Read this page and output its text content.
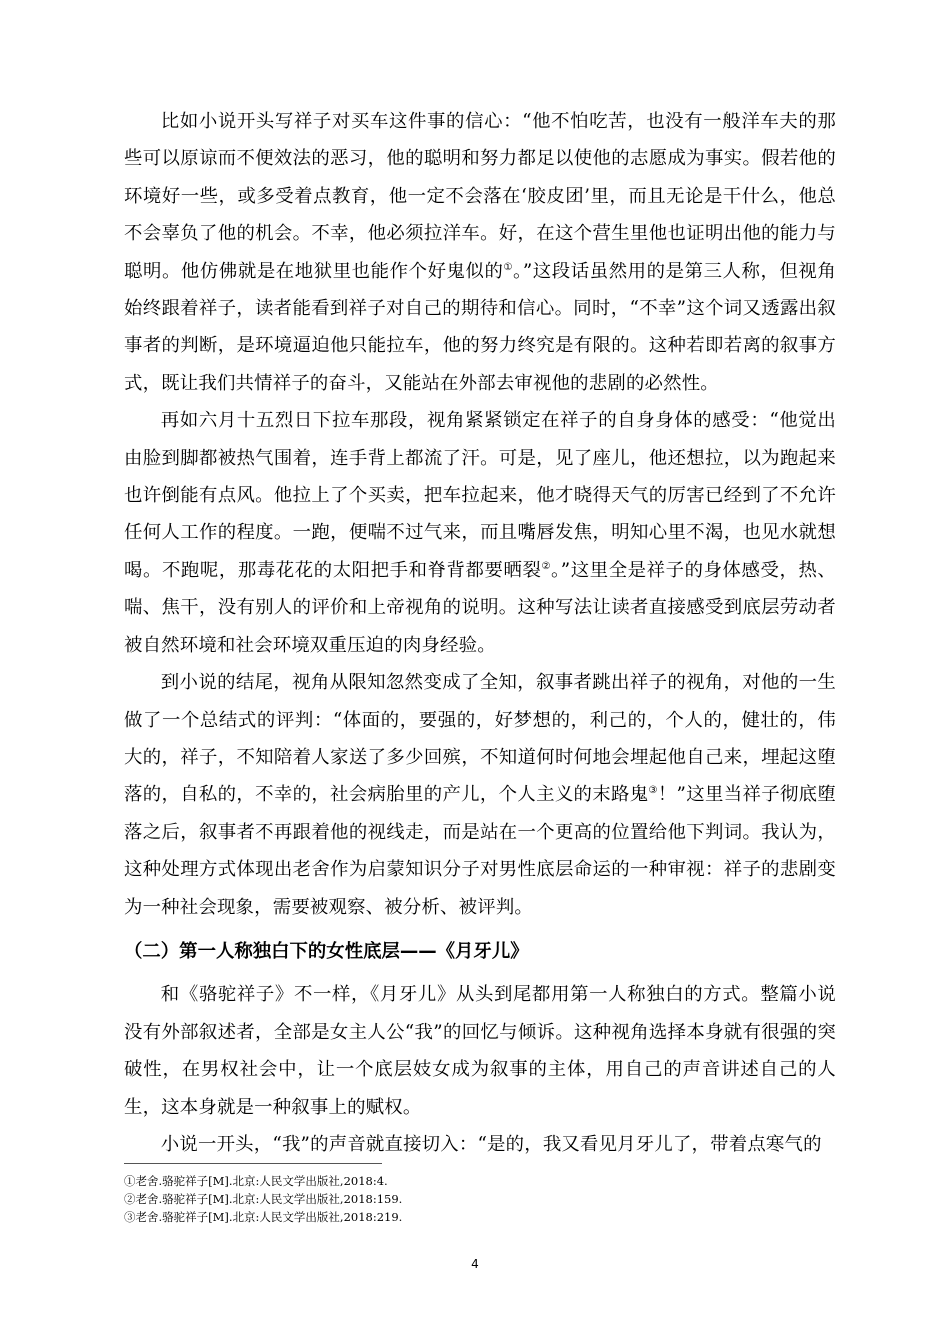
比如小说开头写祥子对买车这件事的信心：“他不怕吃苦，也没有一般洋车夫的那些可以原谅而不便效法的恶习，他的聪明和努力都足以使他的志愿成为事实。假若他的环境好一些，或多受着点教育，他一定不会落在‘胶皮团’里，而且无论是干什么，他总不会辜负了他的机会。不幸，他必须拉洋车。好，在这个营生里他也证明出他的能力与聪明。他仿佛就是在地狱里也能作个好鬼似的①。”这段话虽然用的是第三人称，但视角始终跟着祥子，读者能看到祥子对自己的期待和信心。同时，“不幸”这个词又透露出叙事者的判断，是环境逼迫他只能拉车，他的努力终究是有限的。这种若即若离的叙事方式，既让我们共情祥子的奋斗，又能站在外部去审视他的悲剧的必然性。

再如六月十五烈日下拉车那段，视角紧紧锁定在祥子的自身身体的感受：“他觉出由脸到脚都被热气围着，连手背上都流了汗。可是，见了座儿，他还想拉，以为跑起来也许倒能有点风。他拉上了个买卖，把车拉起来，他才晓得天气的厉害已经到了不允许任何人工作的程度。一跑，便喘不过气来，而且嘴唇发焦，明知心里不渴，也见水就想喝。不跑呢，那毒花花的太阳把手和脊背都要晒裂②。”这里全是祥子的身体感受，热、喘、焦干，没有别人的评价和上帝视角的说明。这种写法让读者直接感受到底层劳动者被自然环境和社会环境双重压迫的肉身经验。

到小说的结尾，视角从限知忽然变成了全知，叙事者跳出祥子的视角，对他的一生做了一个总结式的评判：“体面的，要强的，好梦想的，利己的，个人的，健壮的，伟大的，祥子，不知陪着人家送了多少回殡，不知道何时何地会埋起他自己来，埋起这堕落的，自私的，不幸的，社会病胎里的产儿，个人主义的末路鬼③！”这里当祥子彻底堕落之后，叙事者不再跟着他的视线走，而是站在一个更高的位置给他下判词。我认为，这种处理方式体现出老舍作为启蒙知识分子对男性底层命运的一种审视：祥子的悲剧变为一种社会现象，需要被观察、被分析、被评判。

（二）第一人称独白下的女性底层——《月牙儿》

和《骆驼祥子》不一样，《月牙儿》从头到尾都用第一人称独白的方式。整篇小说没有外部叙述者，全部是女主人公“我”的回忆与倾诉。这种视角选择本身就有很强的突破性，在男权社会中，让一个底层妓女成为叙事的主体，用自己的声音讲述自己的人生，这本身就是一种叙事上的赋权。

小说一开头，“我”的声音就直接切入：“是的，我又看见月牙儿了，带着点寒气的

①老舍.骆驼祥子[M].北京:人民文学出版社,2018:4.

②老舍.骆驼祥子[M].北京:人民文学出版社,2018:159.

③老舍.骆驼祥子[M].北京:人民文学出版社,2018:219.

4
